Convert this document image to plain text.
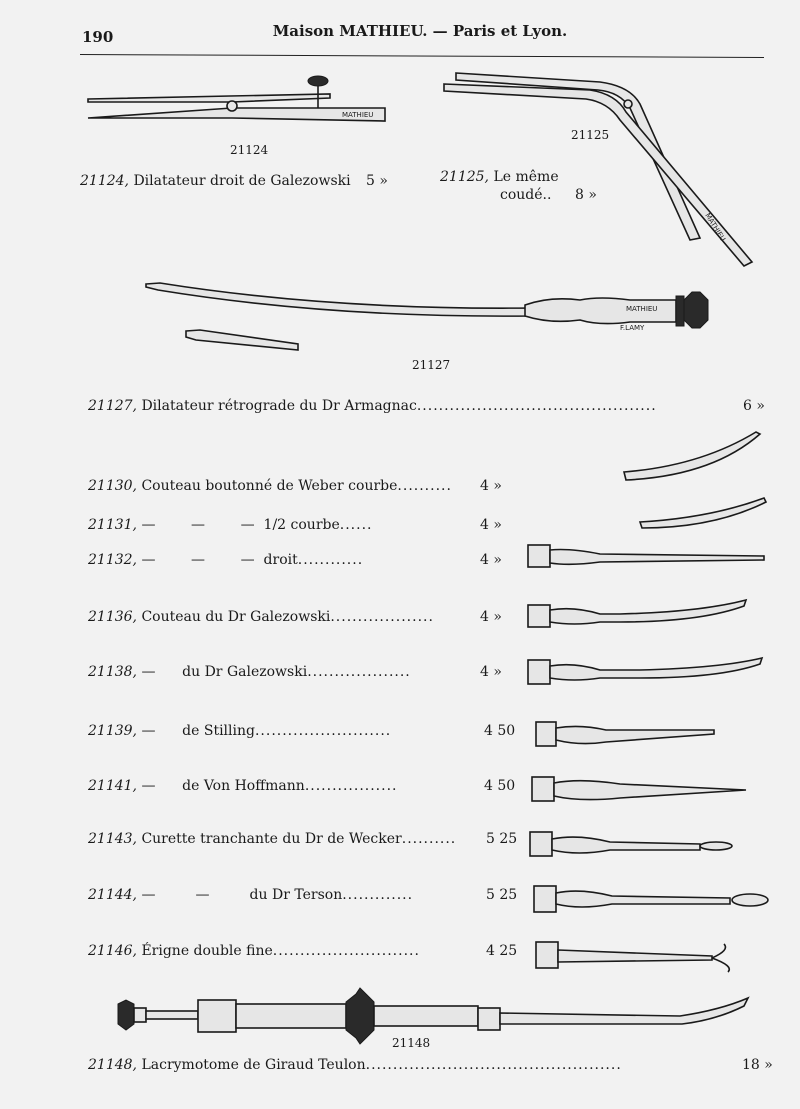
190	Maison MATHIEU. — Paris et Lyon.
MATHIEU
21124
MATHIEU
21125
21124, Dilatateur droit de Galezowski 5 »	21125, Le même
coudé.. 8 »
MATHIEU
F.LAMY
21127
21127, Dilatateur rétrograde du Dr Armagnac............................................	6 »
21130, Couteau boutonné de Weber courbe.......... 4 »
21131, —        —        —  1/2 courbe......	4 »
21132, —        —        —  droit............	4 »
21136, Couteau du Dr Galezowski...................	4 »
21138, —      du Dr Galezowski...................	4 »
21139, —      de Stilling.........................	4 50
21141, —      de Von Hoffmann.................	4 50
21143, Curette tranchante du Dr de Wecker.......... 5 25
21144, —         —         du Dr Terson.............	5 25
21146, Érigne double fine...........................	4 25
21148, Lacrymotome de Giraud Teulon...............................................	18 »
21148
